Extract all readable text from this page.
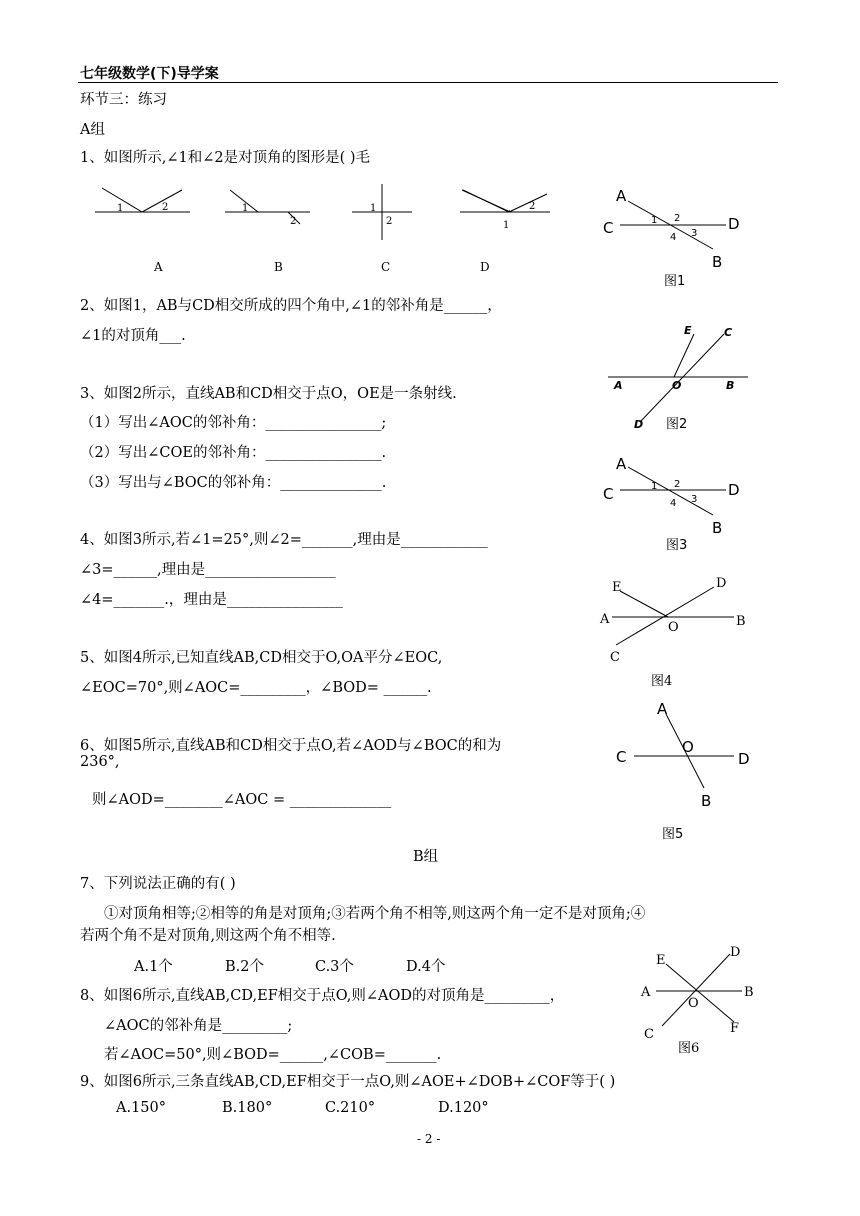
七年级数学(下)导学案
环节三：练习
A组
1、如图所示,∠1和∠2是对顶角的图形是( )毛
1	2	1
2
1
2
2
1
A	B	C	D
A
C	D
B
1 2
4 3
图1
2、如图1，AB与CD相交所成的四个角中,∠1的邻补角是______，
∠1的对顶角___.	E	C
A	O	B
D 图2
3、如图2所示，直线AB和CD相交于点O，OE是一条射线.
（1）写出∠AOC的邻补角：________________;
（2）写出∠COE的邻补角：________________.
（3）写出与∠BOC的邻补角：______________.
A
C	D
B
1 2
4 3
图3
4、如图3所示,若∠1=25°,则∠2=_______,理由是____________
∠3=______,理由是__________________
∠4=_______.，理由是________________
E	D
A
O	B
C
图4
5、如图4所示,已知直线AB,CD相交于O,OA平分∠EOC,
∠EOC=70°,则∠AOC=_________，∠BOD= ______.
A
C
O
D
B
图5
6、如图5所示,直线AB和CD相交于点O,若∠AOD与∠BOC的和为
236°,
则∠AOD=________∠AOC = ______________
B组
7、下列说法正确的有( )
①对顶角相等;②相等的角是对顶角;③若两个角不相等,则这两个角一定不是对顶角;④
若两个角不是对顶角,则这两个角不相等.
A.1个	B.2个	C.3个	D.4个	E
D
A
O
B
C	F
图6
8、如图6所示,直线AB,CD,EF相交于点O,则∠AOD的对顶角是_________，
∠AOC的邻补角是_________;
若∠AOC=50°,则∠BOD=______,∠COB=_______.
9、如图6所示,三条直线AB,CD,EF相交于一点O,则∠AOE+∠DOB+∠COF等于( )
A.150°	B.180°	C.210°	D.120°
- 2 -
